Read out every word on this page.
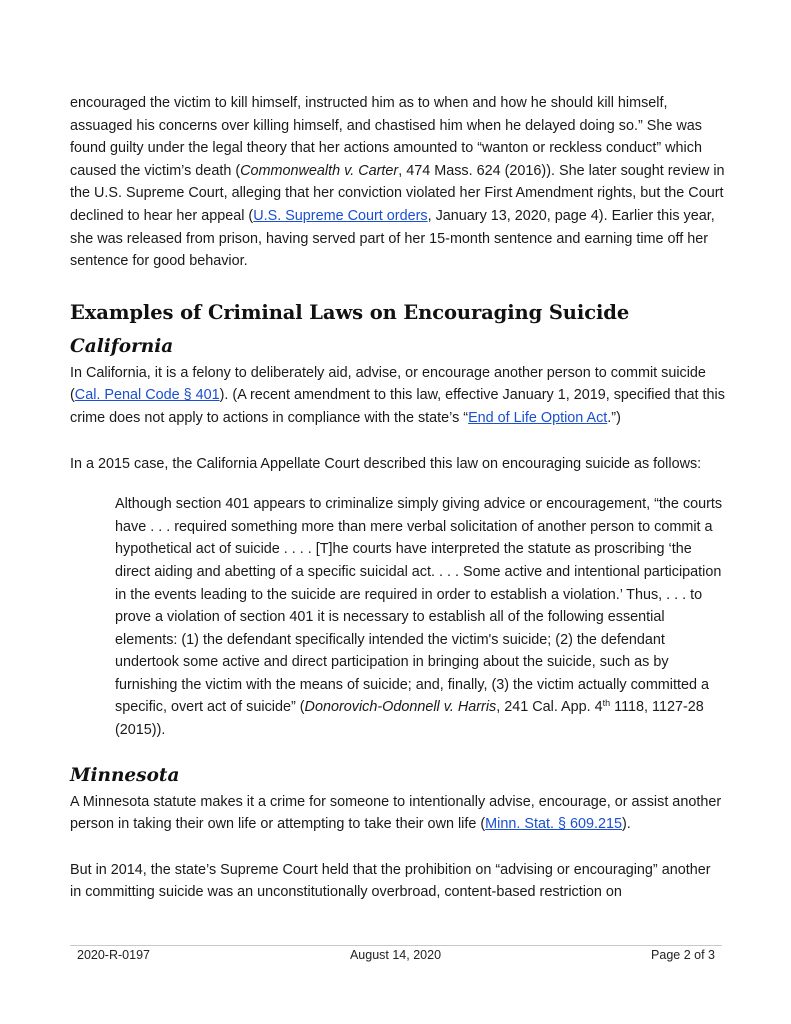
encouraged the victim to kill himself, instructed him as to when and how he should kill himself, assuaged his concerns over killing himself, and chastised him when he delayed doing so.” She was found guilty under the legal theory that her actions amounted to “wanton or reckless conduct” which caused the victim’s death (Commonwealth v. Carter, 474 Mass. 624 (2016)). She later sought review in the U.S. Supreme Court, alleging that her conviction violated her First Amendment rights, but the Court declined to hear her appeal (U.S. Supreme Court orders, January 13, 2020, page 4). Earlier this year, she was released from prison, having served part of her 15-month sentence and earning time off her sentence for good behavior.

Examples of Criminal Laws on Encouraging Suicide
California

In California, it is a felony to deliberately aid, advise, or encourage another person to commit suicide (Cal. Penal Code § 401). (A recent amendment to this law, effective January 1, 2019, specified that this crime does not apply to actions in compliance with the state’s “End of Life Option Act.”)

In a 2015 case, the California Appellate Court described this law on encouraging suicide as follows:

Although section 401 appears to criminalize simply giving advice or encouragement, “the courts have . . . required something more than mere verbal solicitation of another person to commit a hypothetical act of suicide . . . . [T]he courts have interpreted the statute as proscribing ‘the direct aiding and abetting of a specific suicidal act. . . . Some active and intentional participation in the events leading to the suicide are required in order to establish a violation.’ Thus, . . . to prove a violation of section 401 it is necessary to establish all of the following essential elements: (1) the defendant specifically intended the victim's suicide; (2) the defendant undertook some active and direct participation in bringing about the suicide, such as by furnishing the victim with the means of suicide; and, finally, (3) the victim actually committed a specific, overt act of suicide” (Donorovich-Odonnell v. Harris, 241 Cal. App. 4th 1118, 1127-28 (2015)).

Minnesota

A Minnesota statute makes it a crime for someone to intentionally advise, encourage, or assist another person in taking their own life or attempting to take their own life (Minn. Stat. § 609.215).

But in 2014, the state’s Supreme Court held that the prohibition on “advising or encouraging” another in committing suicide was an unconstitutionally overbroad, content-based restriction on

2020-R-0197	August 14, 2020	Page 2 of 3
